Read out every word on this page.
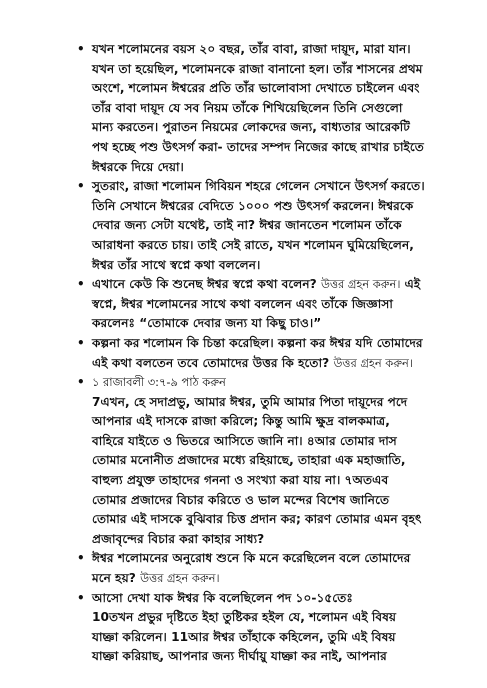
• যখন শলোমনের বয়স ২০ বছর, তাঁর বাবা, রাজা দায়ূদ, মারা যান। যখন তা হয়েছিল, শলোমনকে রাজা বানানো হল। তাঁর শাসনের প্রথম অংশে, শলোমন ঈশ্বরের প্রতি তাঁর ভালোবাসা দেখাতে চাইলেন এবং তাঁর বাবা দায়ূদ যে সব নিয়ম তাঁকে শিখিয়েছিলেন তিনি সেগুলো মান্য করতেন। পুরাতন নিয়মের লোকদের জন্য, বাধ্যতার আরেকটি পথ হচ্ছে পশু উৎসর্গ করা- তাদের সম্পদ নিজের কাছে রাখার চাইতে ঈশ্বরকে দিয়ে দেয়া।
• সুতরাং, রাজা শলোমন গিবিয়ন শহরে গেলেন সেখানে উৎসর্গ করতে। তিনি সেখানে ঈশ্বরের বেদিতে ১০০০ পশু উৎসর্গ করলেন। ঈশ্বরকে দেবার জন্য সেটা যথেষ্ট, তাই না? ঈশ্বর জানতেন শলোমন তাঁকে আরাধনা করতে চায়। তাই সেই রাতে, যখন শলোমন ঘুমিয়েছিলেন, ঈশ্বর তাঁর সাথে স্বপ্নে কথা বললেন।
• এখানে কেউ কি শুনেছ ঈশ্বর স্বপ্নে কথা বলেন? উত্তর গ্রহন করুন। এই স্বপ্নে, ঈশ্বর শলোমনের সাথে কথা বললেন এবং তাঁকে জিজ্ঞাসা করলেনঃ “তোমাকে দেবার জন্য যা কিছু চাও।”
• কল্পনা কর শলোমন কি চিন্তা করেছিল। কল্পনা কর ঈশ্বর যদি তোমাদের এই কথা বলতেন তবে তোমাদের উত্তর কি হতো? উত্তর গ্রহন করুন।
• ১ রাজাবলী ৩:৭-৯ পাঠ করুন
7এখন, হে সদাপ্রভু, আমার ঈশ্বর, তুমি আমার পিতা দায়ূদের পদে আপনার এই দাসকে রাজা করিলে; কিন্তু আমি ক্ষুদ্র বালকমাত্র, বাহিরে যাইতে ও ভিতরে আসিতে জানি না। ৪আর তোমার দাস তোমার মনোনীত প্রজাদের মধ্যে রহিয়াছে, তাহারা এক মহাজাতি, বাহুল্য প্রযুক্ত তাহাদের গননা ও সংখ্যা করা যায় না। ৭অতএব তোমার প্রজাদের বিচার করিতে ও ভাল মন্দের বিশেষ জানিতে তোমার এই দাসকে বুঝিবার চিত্ত প্রদান কর; কারণ তোমার এমন বৃহৎ প্রজাবৃন্দের বিচার করা কাহার সাধ্য?
• ঈশ্বর শলোমনের অনুরোধ শুনে কি মনে করেছিলেন বলে তোমাদের মনে হয়? উত্তর গ্রহন করুন।
• আসো দেখা যাক ঈশ্বর কি বলেছিলেন পদ ১০-১৫তেঃ
10তখন প্রভুর দৃষ্টিতে ইহা তুষ্টিকর হইল যে, শলোমন এই বিষয় যাচ্ঞা করিলেন। 11আর ঈশ্বর তাঁহাকে কহিলেন, তুমি এই বিষয় যাচ্ঞা করিয়াছ, আপনার জন্য দীর্ঘায়ু যাচ্ঞা কর নাই, আপনার
